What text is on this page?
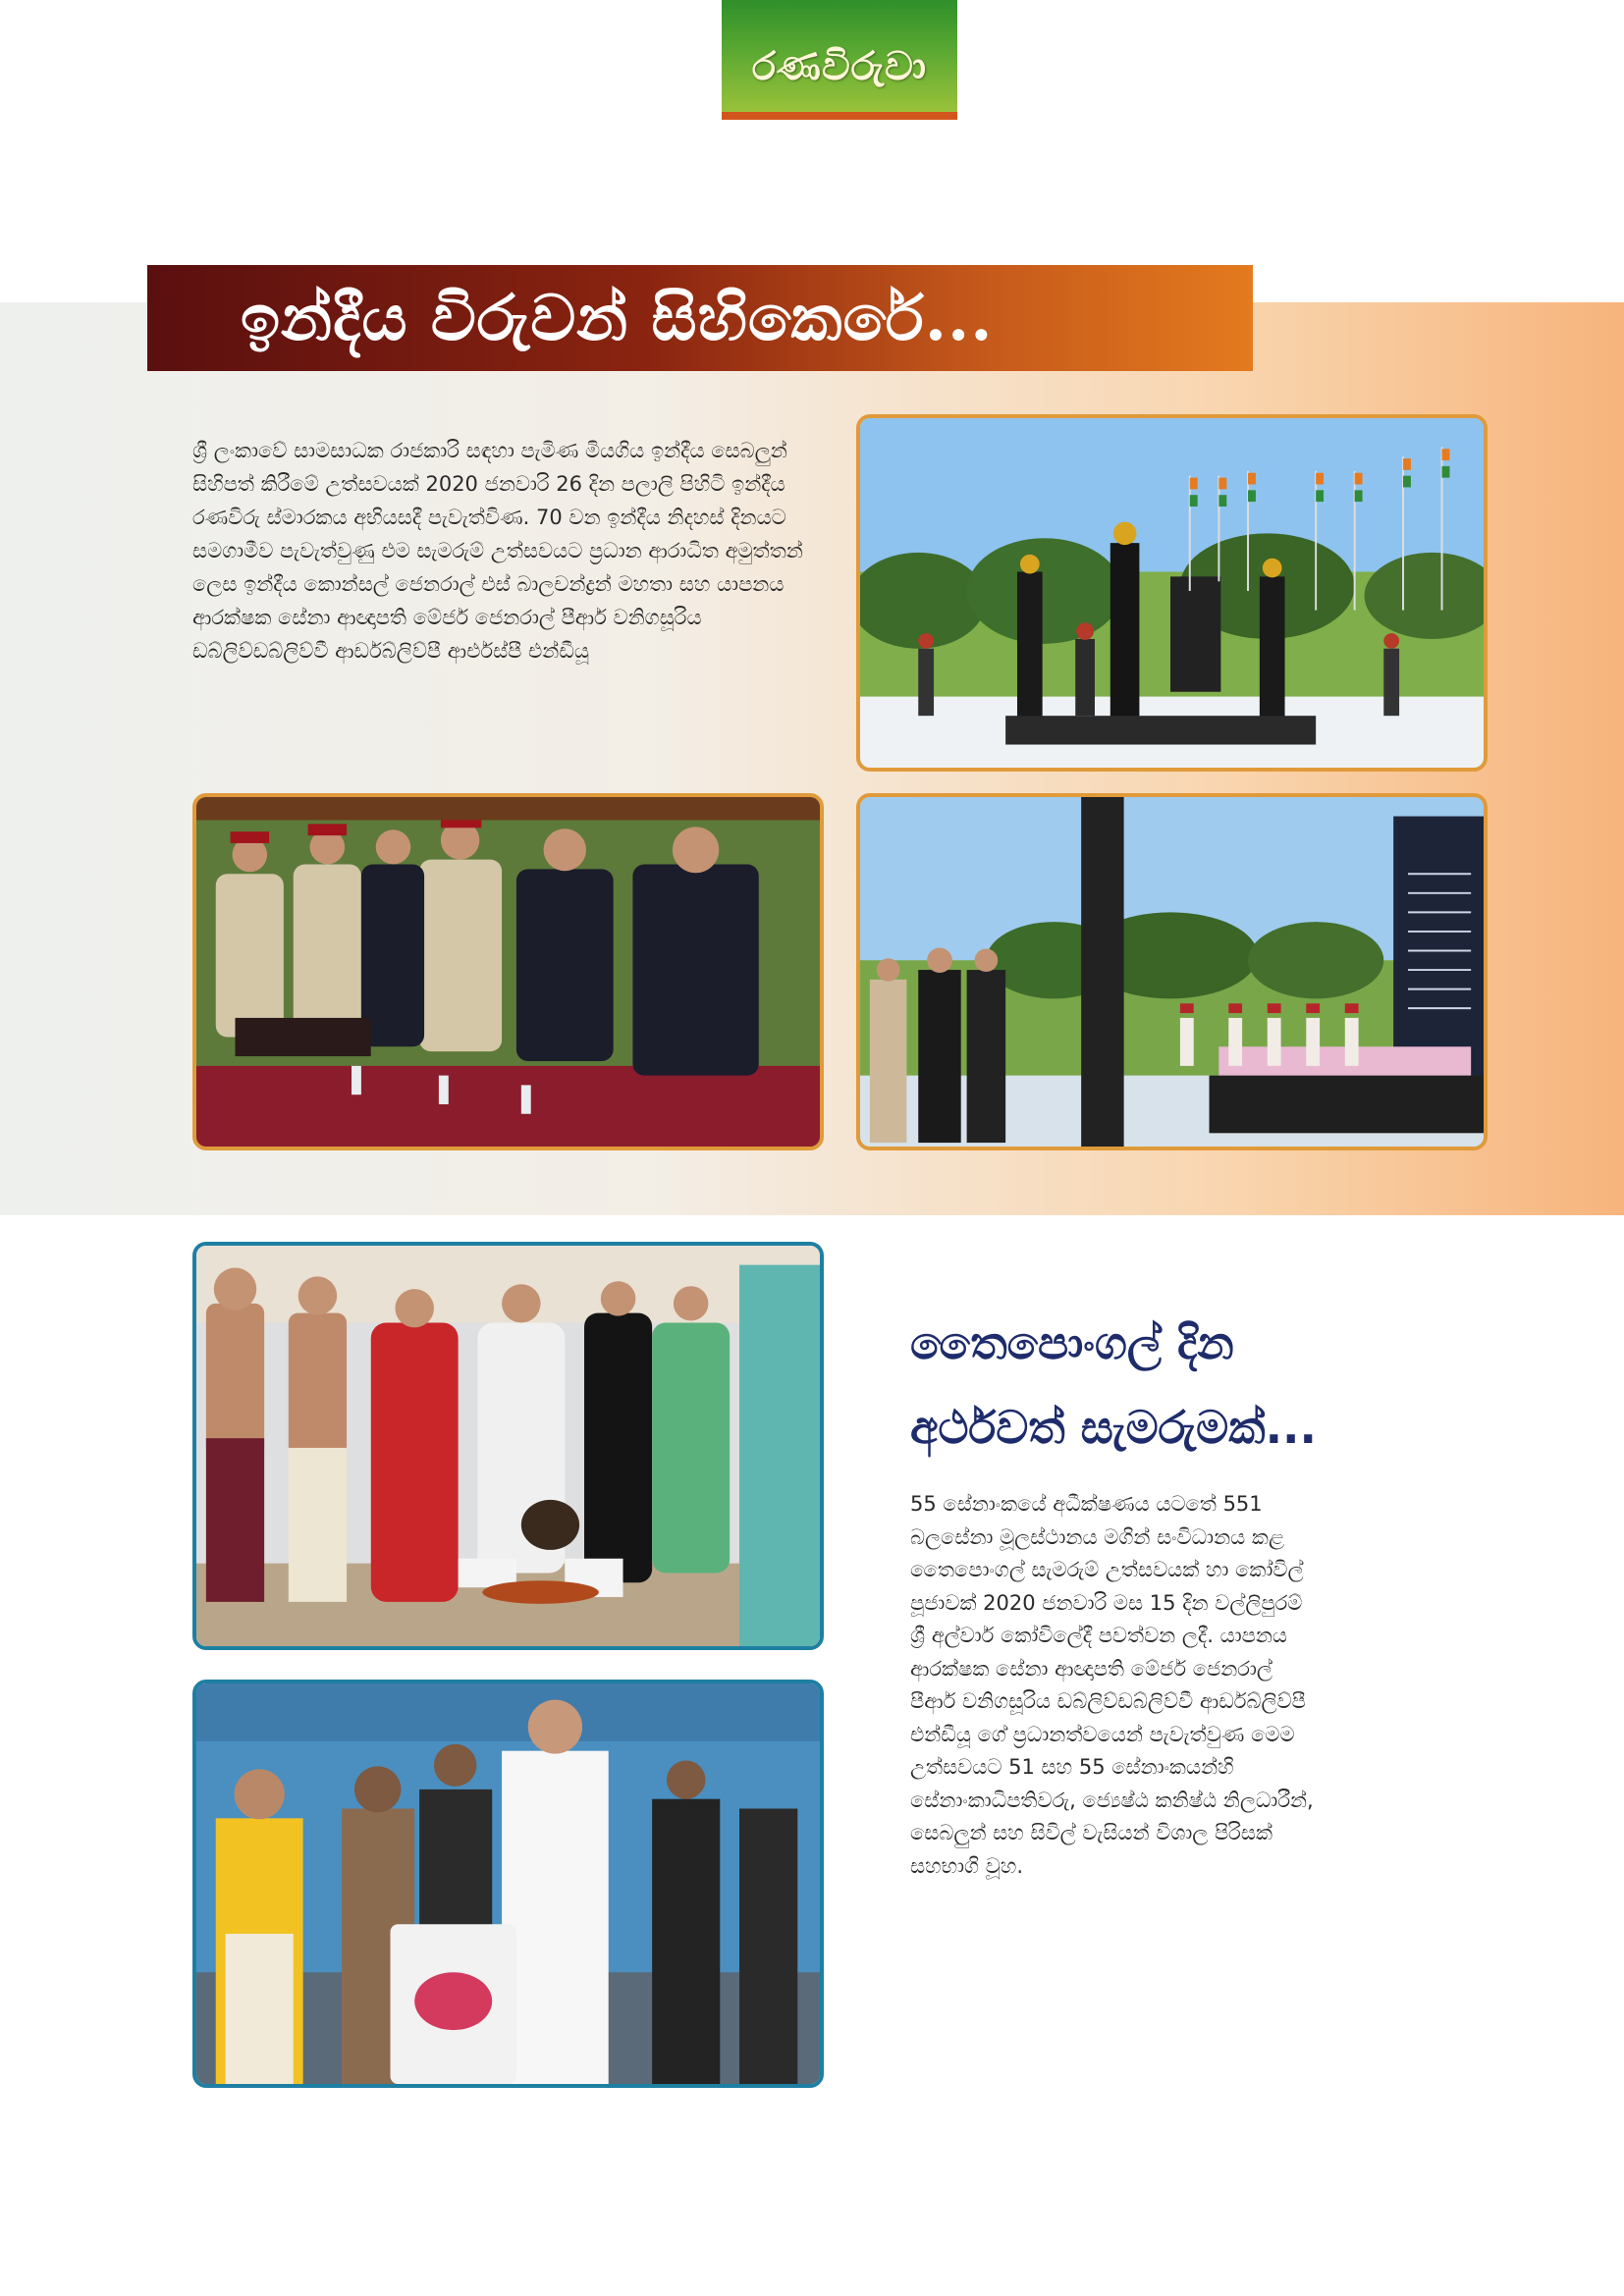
රණවිරුවා
ඉන්දීය විරුවන් සිහිකෙරේ...
ශ්‍රී ලංකාවේ සාමසාධක රාජකාරි සඳහා පැමිණ මියගිය ඉන්දීය සෙබලුන් සිහිපත් කිරීමේ උත්සවයක් 2020 ජනවාරි 26 දින පලාලි පිහිටි ඉන්දීය රණවිරු ස්මාරකය අභියසදී පැවැත්විණ. 70 වන ඉන්දීය නිදහස් දිනයට සමගාමීව පැවැත්වුණු එම සැමරුම් උත්සවයට ප්‍රධාන ආරාධිත අමුත්තන් ලෙස ඉන්දීය කොන්සල් ජෙනරාල් එස් බාලචන්ද්‍රන් මහතා සහ යාපනය ආරක්ෂක සේනා ආඥාපති මේජර් ජෙනරාල් පීආර් වනිගසූරිය ඩබ්ලිව්ඩබ්ලිව්වී ආර්ඩබ්ලිව්පී ආර්එස්පී එන්ඩීයූ
තෛපොංගල් දින
අර්ථවත් සැමරුමක්...
55 සේනාංකයේ අධීක්ෂණය යටතේ 551 බලසේනා මූලස්ථානය මගින් සංවිධානය කළ තෛපොංගල් සැමරුම් උත්සවයක් හා කෝවිල් පූජාවක් 2020 ජනවාරි මස 15 දින වල්ලිපුරම් ශ්‍රී අල්වාර් කෝවිලේදී පවත්වන ලදී. යාපනය ආරක්ෂක සේනා ආඥාපති මේජර් ජෙනරාල් පීආර් වනිගසූරිය ඩබ්ලිව්ඩබ්ලිව්වී ආර්ඩබ්ලිව්පී එන්ඩීයූ ගේ ප්‍රධානත්වයෙන් පැවැත්වුණ මෙම උත්සවයට 51 සහ 55 සේනාංකයන්හි සේනාංකාධිපතිවරු, ජ්‍යෙෂ්ඨ කනිෂ්ඨ නිලධාරීන්, සෙබලුන් සහ සිවිල් වැසියන් විශාල පිරිසක් සහභාගි වූහ.
